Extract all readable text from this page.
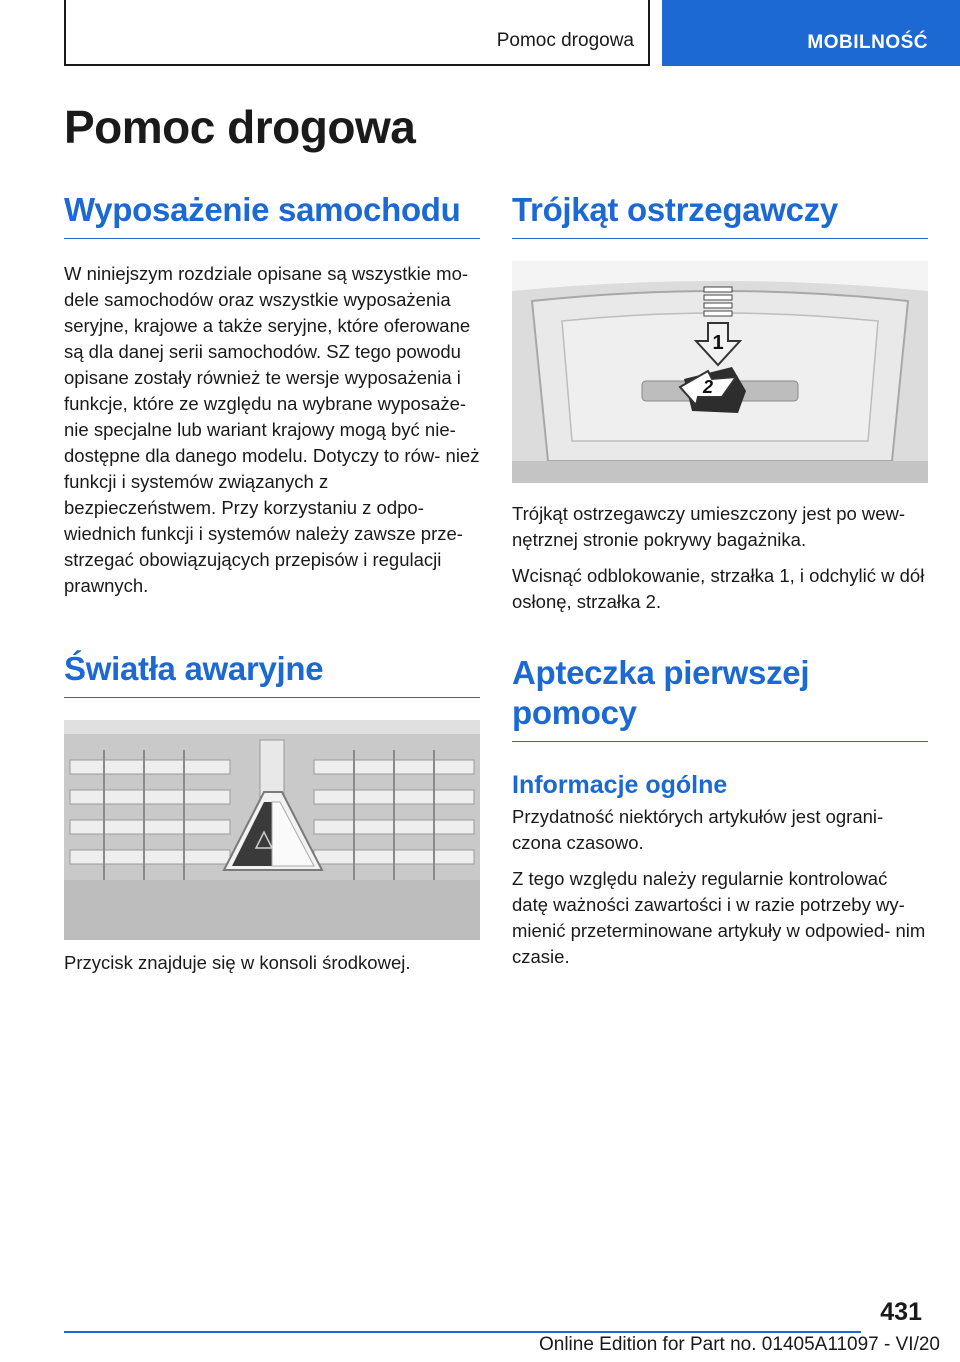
Pomoc drogowa	MOBILNOŚĆ
Pomoc drogowa
Wyposażenie samochodu

W niniejszym rozdziale opisane są wszystkie mo- dele samochodów oraz wszystkie wyposażenia seryjne, krajowe a także seryjne, które oferowane są dla danej serii samochodów. SZ tego powodu opisane zostały również te wersje wyposażenia i funkcje, które ze względu na wybrane wyposaże- nie specjalne lub wariant krajowy mogą być nie- dostępne dla danego modelu. Dotyczy to rów- nież funkcji i systemów związanych z bezpieczeństwem. Przy korzystaniu z odpo- wiednich funkcji i systemów należy zawsze prze- strzegać obowiązujących przepisów i regulacji prawnych.

Światła awaryjne

Przycisk znajduje się w konsoli środkowej.

Trójkąt ostrzegawczy
1
2

Trójkąt ostrzegawczy umieszczony jest po wew- nętrznej stronie pokrywy bagażnika.

Wcisnąć odblokowanie, strzałka 1, i odchylić w dół osłonę, strzałka 2.

Apteczka pierwszej pomocy
Informacje ogólne

Przydatność niektórych artykułów jest ograni- czona czasowo.

Z tego względu należy regularnie kontrolować datę ważności zawartości i w razie potrzeby wy- mienić przeterminowane artykuły w odpowied- nim czasie.

431
Online Edition for Part no. 01405A11097 - VI/20
